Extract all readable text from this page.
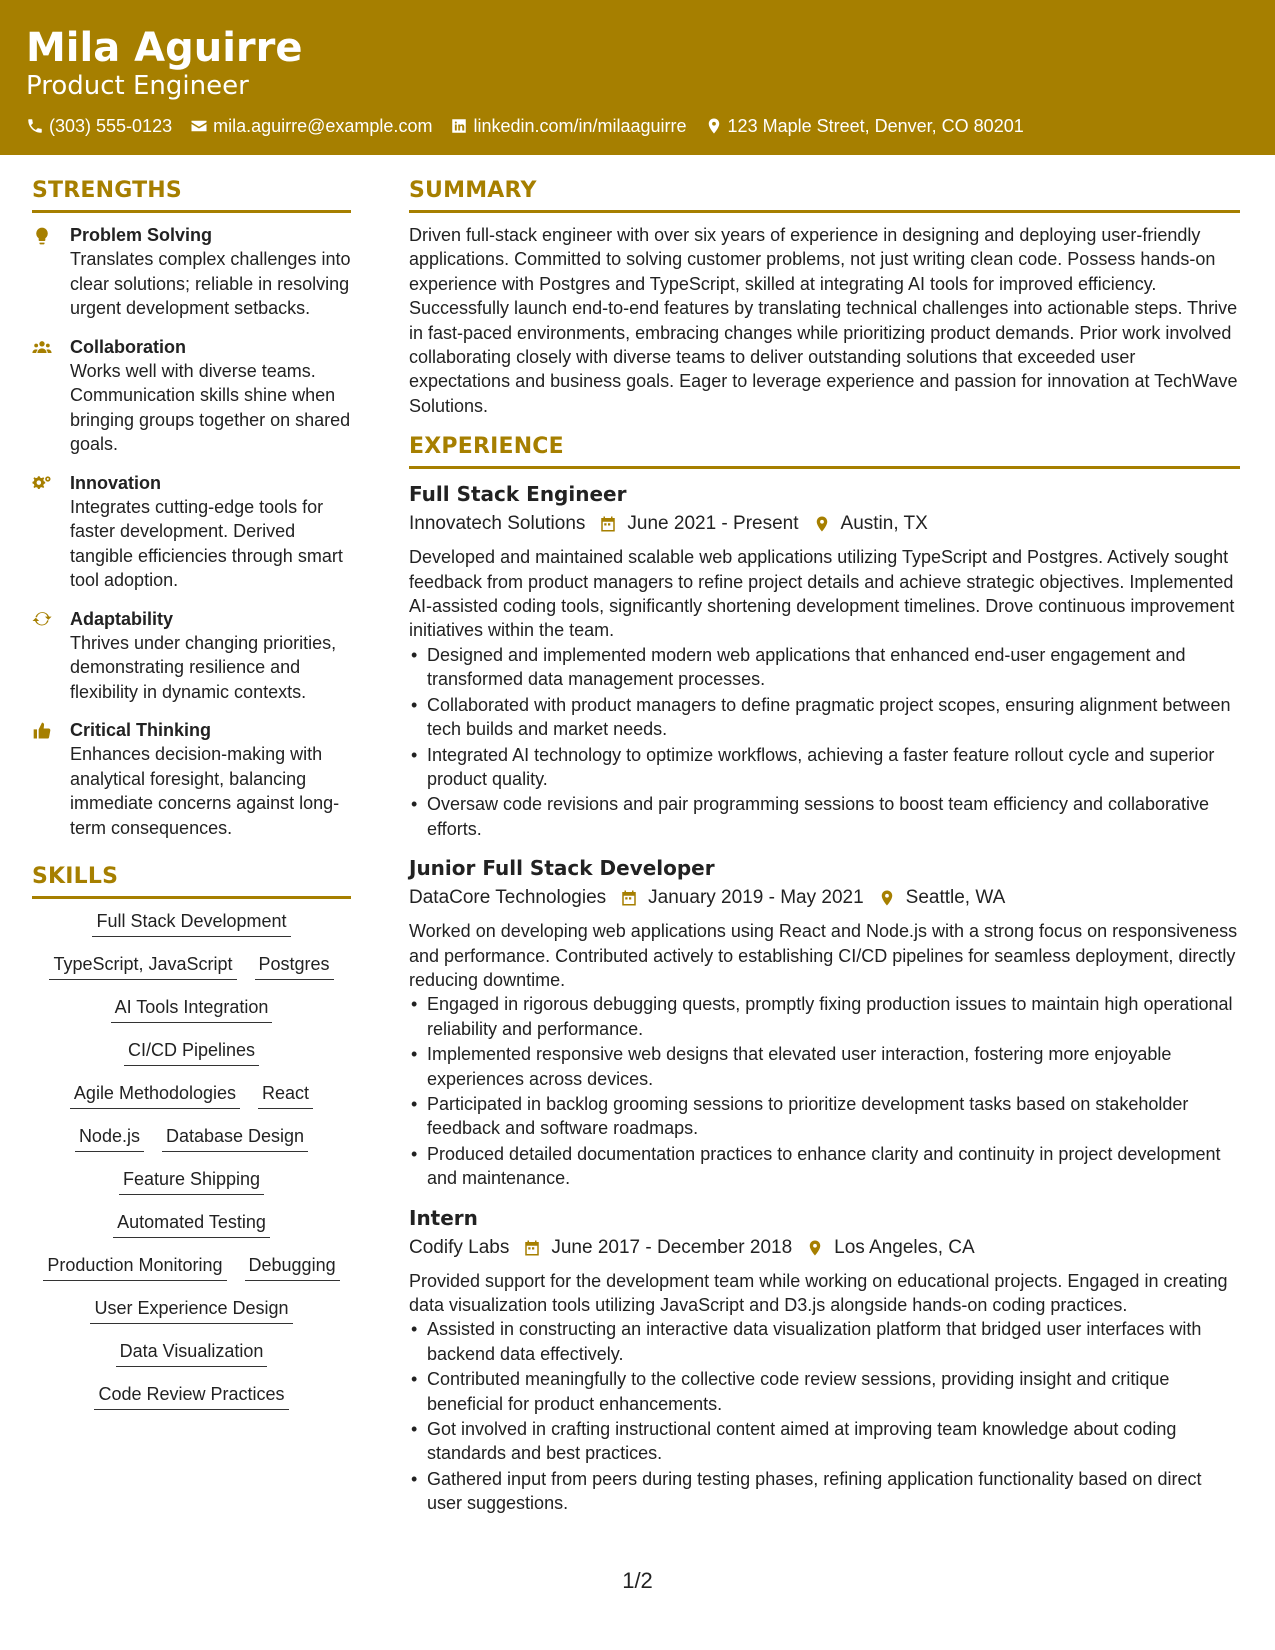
Mila Aguirre
Product Engineer
(303) 555-0123 mila.aguirre@example.com linkedin.com/in/milaaguirre 123 Maple Street, Denver, CO 80201
STRENGTHS
Problem Solving
Translates complex challenges into clear solutions; reliable in resolving urgent development setbacks.
Collaboration
Works well with diverse teams. Communication skills shine when bringing groups together on shared goals.
Innovation
Integrates cutting-edge tools for faster development. Derived tangible efficiencies through smart tool adoption.
Adaptability
Thrives under changing priorities, demonstrating resilience and flexibility in dynamic contexts.
Critical Thinking
Enhances decision-making with analytical foresight, balancing immediate concerns against long-term consequences.
SKILLS
Full Stack Development
TypeScript, JavaScript Postgres
AI Tools Integration
CI/CD Pipelines
Agile Methodologies React
Node.js Database Design
Feature Shipping
Automated Testing
Production Monitoring Debugging
User Experience Design
Data Visualization
Code Review Practices
SUMMARY
Driven full-stack engineer with over six years of experience in designing and deploying user-friendly applications. Committed to solving customer problems, not just writing clean code. Possess hands-on experience with Postgres and TypeScript, skilled at integrating AI tools for improved efficiency. Successfully launch end-to-end features by translating technical challenges into actionable steps. Thrive in fast-paced environments, embracing changes while prioritizing product demands. Prior work involved collaborating closely with diverse teams to deliver outstanding solutions that exceeded user expectations and business goals. Eager to leverage experience and passion for innovation at TechWave Solutions.
EXPERIENCE
Full Stack Engineer
Innovatech Solutions June 2021 - Present Austin, TX
Developed and maintained scalable web applications utilizing TypeScript and Postgres. Actively sought feedback from product managers to refine project details and achieve strategic objectives. Implemented AI-assisted coding tools, significantly shortening development timelines. Drove continuous improvement initiatives within the team.
• Designed and implemented modern web applications that enhanced end-user engagement and transformed data management processes.
• Collaborated with product managers to define pragmatic project scopes, ensuring alignment between tech builds and market needs.
• Integrated AI technology to optimize workflows, achieving a faster feature rollout cycle and superior product quality.
• Oversaw code revisions and pair programming sessions to boost team efficiency and collaborative efforts.
Junior Full Stack Developer
DataCore Technologies January 2019 - May 2021 Seattle, WA
Worked on developing web applications using React and Node.js with a strong focus on responsiveness and performance. Contributed actively to establishing CI/CD pipelines for seamless deployment, directly reducing downtime.
• Engaged in rigorous debugging quests, promptly fixing production issues to maintain high operational reliability and performance.
• Implemented responsive web designs that elevated user interaction, fostering more enjoyable experiences across devices.
• Participated in backlog grooming sessions to prioritize development tasks based on stakeholder feedback and software roadmaps.
• Produced detailed documentation practices to enhance clarity and continuity in project development and maintenance.
Intern
Codify Labs June 2017 - December 2018 Los Angeles, CA
Provided support for the development team while working on educational projects. Engaged in creating data visualization tools utilizing JavaScript and D3.js alongside hands-on coding practices.
• Assisted in constructing an interactive data visualization platform that bridged user interfaces with backend data effectively.
• Contributed meaningfully to the collective code review sessions, providing insight and critique beneficial for product enhancements.
• Got involved in crafting instructional content aimed at improving team knowledge about coding standards and best practices.
• Gathered input from peers during testing phases, refining application functionality based on direct user suggestions.
1/2
